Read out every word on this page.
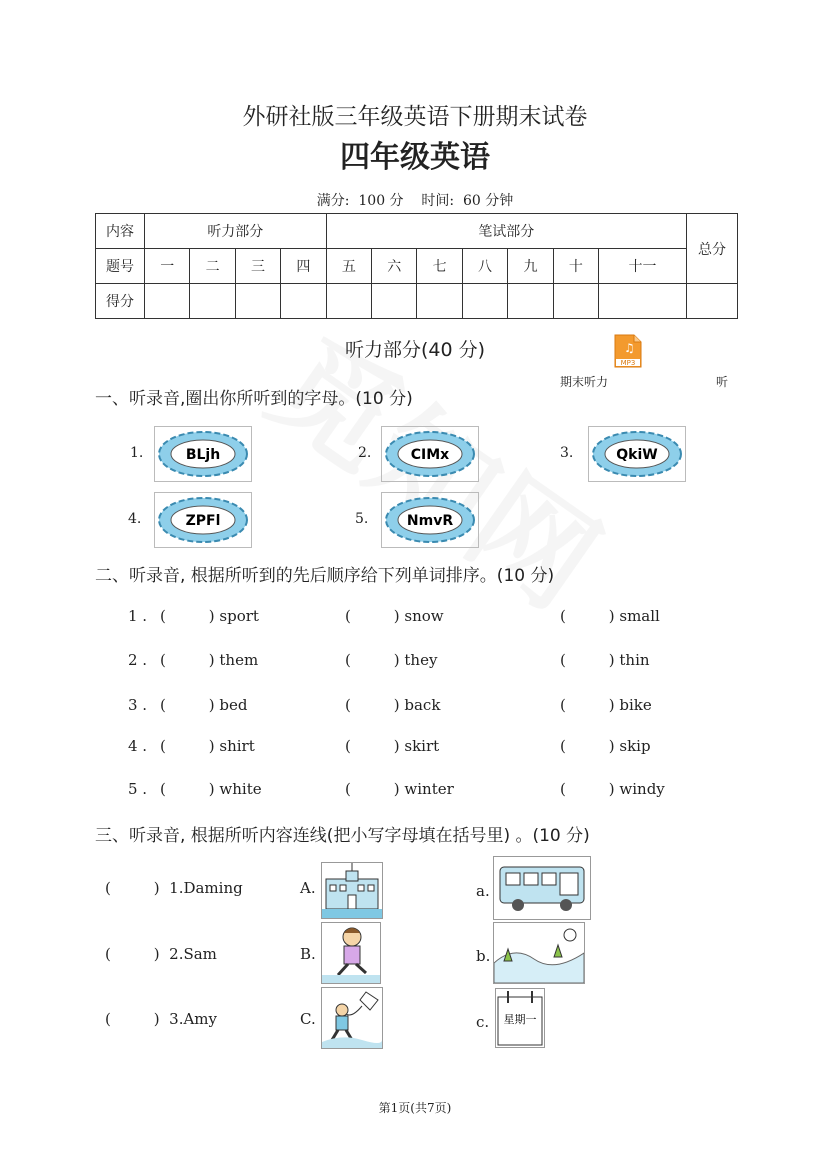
外研社版三年级英语下册期末试卷
四年级英语
满分: 100 分 时间: 60 分钟
内容	听力部分				笔试部分							总分
题号	一	二	三	四	五	六	七	八	九	十	十一	
得分												
听力部分(40 分)	♫
MP3
期末听力	听
一、听录音,圈出你所听到的字母。(10 分)
1.	BLjh	2.	CIMx	3.	QkiW
4.	ZPFl	5.	NmvR
二、听录音, 根据所听到的先后顺序给下列单词排序。(10 分)
1 . (         ) sport	(         ) snow	(         ) small
2 . (         ) them	(         ) they	(         ) thin
3 . (         ) bed	(         ) back	(         ) bike
4 . (         ) shirt	(         ) skirt	(         ) skip
5 . (         ) white	(         ) winter	(         ) windy
三、听录音, 根据所听内容连线(把小写字母填在括号里) 。(10 分)
(         )  1.Daming	A.	a.
(         )  2.Sam	B.	b.
(         )  3.Amy	C.	c. 星期一
第1页(共7页)
